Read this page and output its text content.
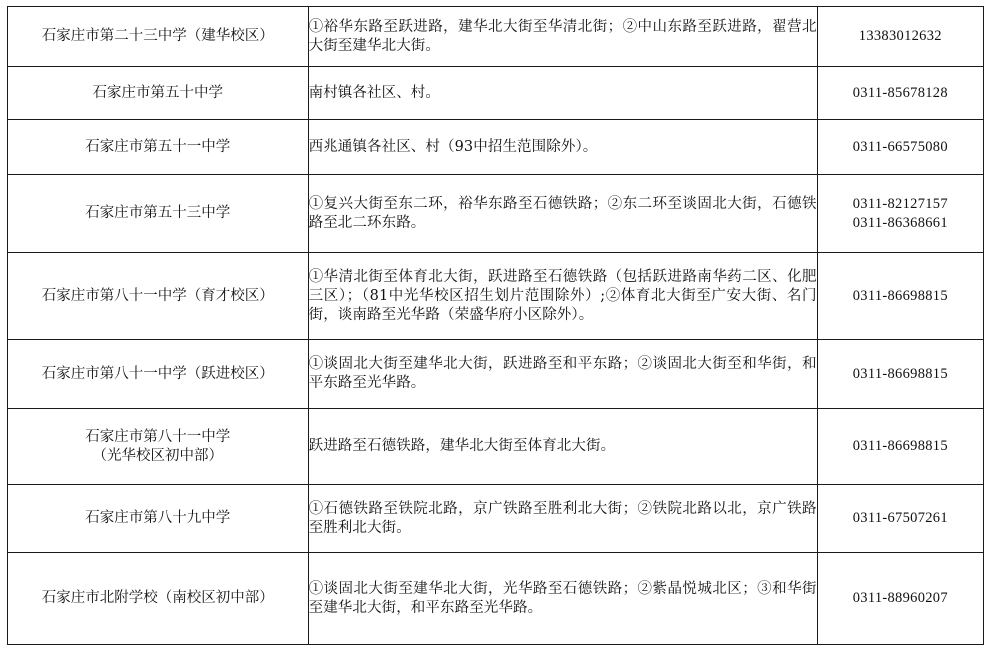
石家庄市第二十三中学（建华校区）	①裕华东路至跃进路，建华北大街至华清北街；②中山东路至跃进路，翟营北大街至建华北大街。	13383012632

石家庄市第五十中学	南村镇各社区、村。	0311-85678128

石家庄市第五十一中学	西兆通镇各社区、村（93中招生范围除外）。	0311-66575080

石家庄市第五十三中学	①复兴大街至东二环，裕华东路至石德铁路；②东二环至谈固北大街，石德铁路至北二环东路。	0311-82127157
0311-86368661

石家庄市第八十一中学（育才校区）	①华清北街至体育北大街，跃进路至石德铁路（包括跃进路南华药二区、化肥三区）；（81中光华校区招生划片范围除外）;②体育北大街至广安大街、名门街，谈南路至光华路（荣盛华府小区除外）。	0311-86698815

石家庄市第八十一中学（跃进校区）	①谈固北大街至建华北大街，跃进路至和平东路；②谈固北大街至和华街，和平东路至光华路。	0311-86698815

石家庄市第八十一中学
（光华校区初中部）	跃进路至石德铁路，建华北大街至体育北大街。	0311-86698815

石家庄市第八十九中学	①石德铁路至铁院北路，京广铁路至胜利北大街；②铁院北路以北，京广铁路至胜利北大街。	0311-67507261

石家庄市北附学校（南校区初中部）	①谈固北大街至建华北大街，光华路至石德铁路；②紫晶悦城北区；③和华街至建华北大街，和平东路至光华路。	0311-88960207
